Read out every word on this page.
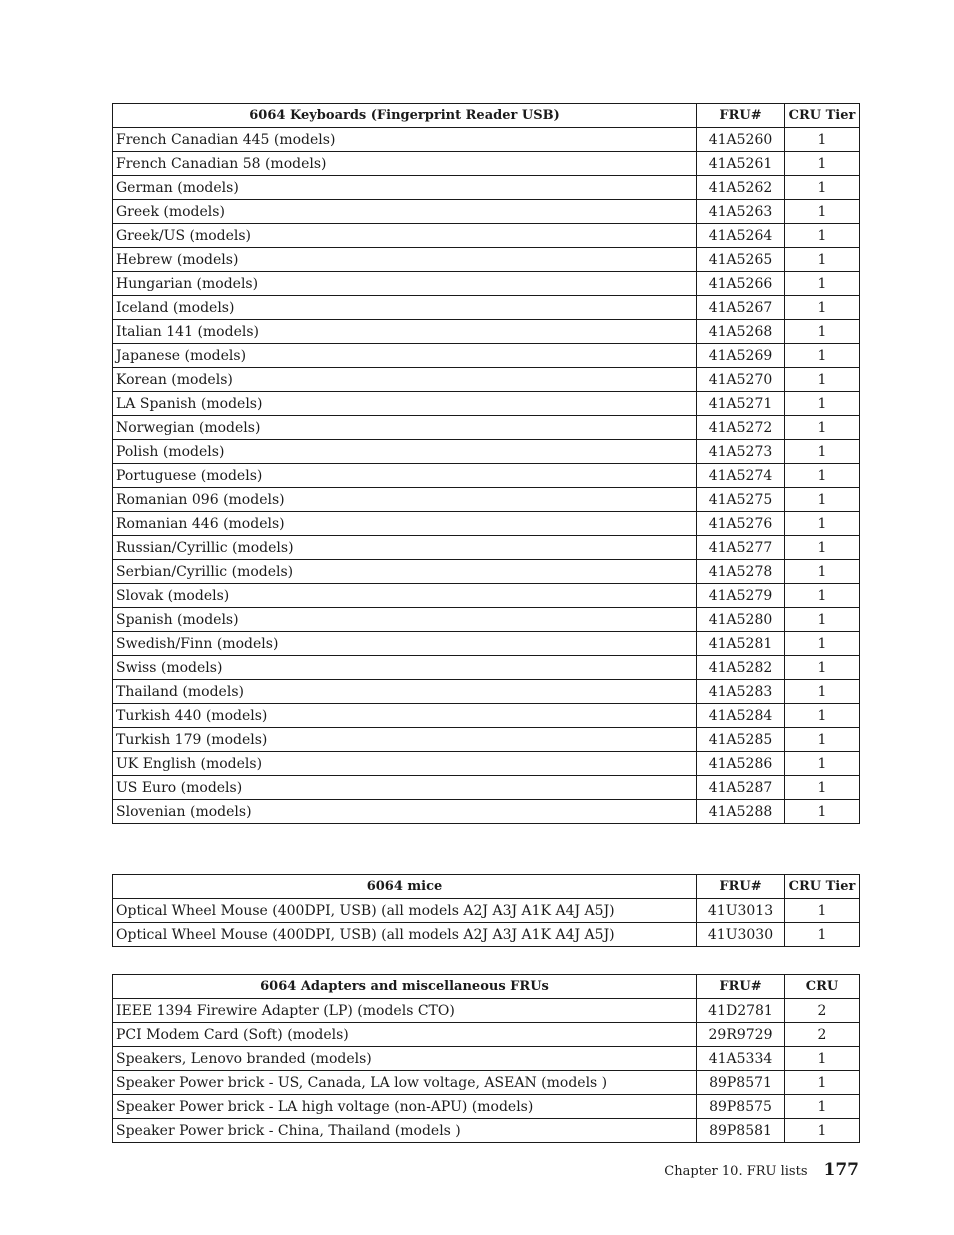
6064 Keyboards (Fingerprint Reader USB)	FRU#	CRU Tier
French Canadian 445 (models)	41A5260	1
French Canadian 58 (models)	41A5261	1
German (models)	41A5262	1
Greek (models)	41A5263	1
Greek/US (models)	41A5264	1
Hebrew (models)	41A5265	1
Hungarian (models)	41A5266	1
Iceland (models)	41A5267	1
Italian 141 (models)	41A5268	1
Japanese (models)	41A5269	1
Korean (models)	41A5270	1
LA Spanish (models)	41A5271	1
Norwegian (models)	41A5272	1
Polish (models)	41A5273	1
Portuguese (models)	41A5274	1
Romanian 096 (models)	41A5275	1
Romanian 446 (models)	41A5276	1
Russian/Cyrillic (models)	41A5277	1
Serbian/Cyrillic (models)	41A5278	1
Slovak (models)	41A5279	1
Spanish (models)	41A5280	1
Swedish/Finn (models)	41A5281	1
Swiss (models)	41A5282	1
Thailand (models)	41A5283	1
Turkish 440 (models)	41A5284	1
Turkish 179 (models)	41A5285	1
UK English (models)	41A5286	1
US Euro (models)	41A5287	1
Slovenian (models)	41A5288	1
6064 mice	FRU#	CRU Tier
Optical Wheel Mouse (400DPI, USB) (all models A2J A3J A1K A4J A5J)	41U3013	1
Optical Wheel Mouse (400DPI, USB) (all models A2J A3J A1K A4J A5J)	41U3030	1
6064 Adapters and miscellaneous FRUs	FRU#	CRU
IEEE 1394 Firewire Adapter (LP) (models CTO)	41D2781	2
PCI Modem Card (Soft) (models)	29R9729	2
Speakers, Lenovo branded (models)	41A5334	1
Speaker Power brick - US, Canada, LA low voltage, ASEAN (models )	89P8571	1
Speaker Power brick - LA high voltage (non-APU) (models)	89P8575	1
Speaker Power brick - China, Thailand (models )	89P8581	1
Chapter 10. FRU lists 177
